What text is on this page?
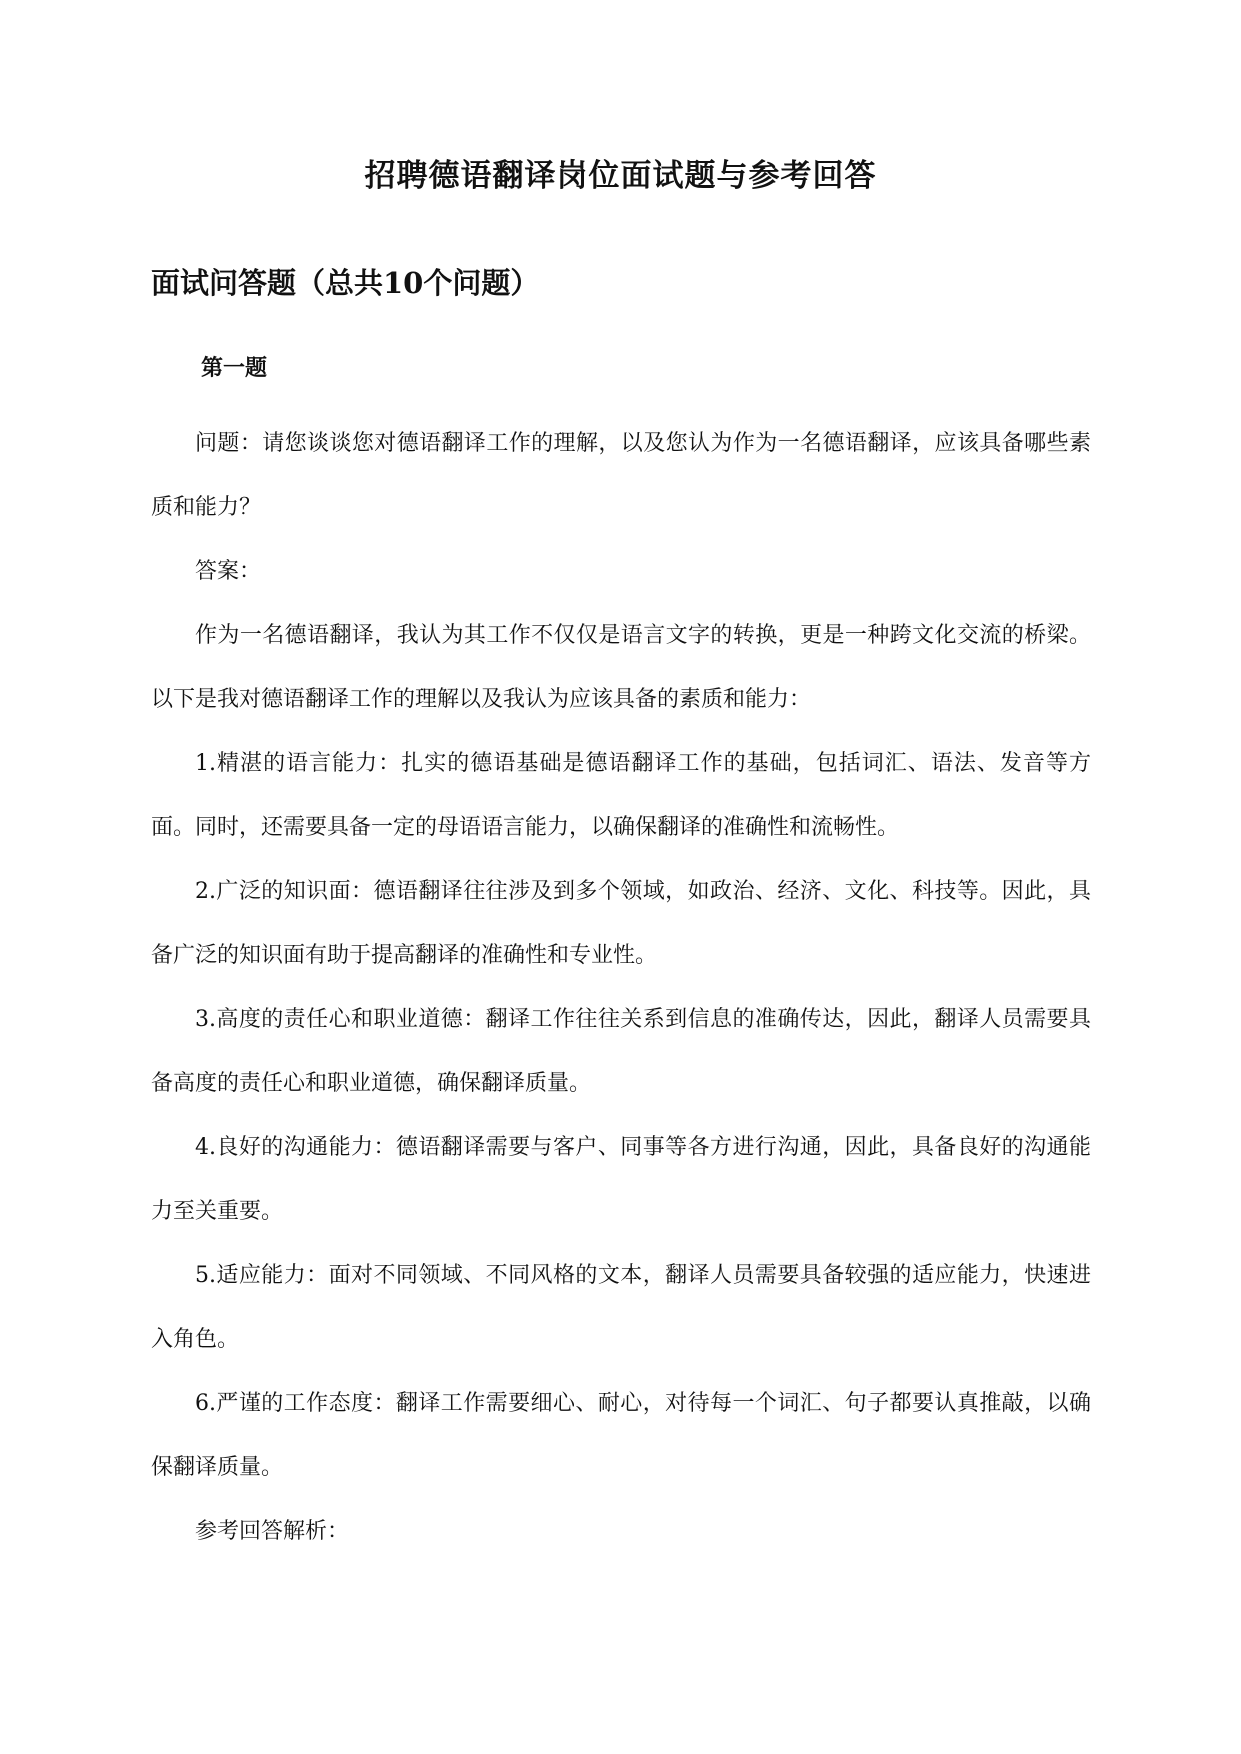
招聘德语翻译岗位面试题与参考回答
面试问答题（总共10个问题）
第一题

问题：请您谈谈您对德语翻译工作的理解，以及您认为作为一名德语翻译，应该具备哪些素质和能力？

答案：

作为一名德语翻译，我认为其工作不仅仅是语言文字的转换，更是一种跨文化交流的桥梁。以下是我对德语翻译工作的理解以及我认为应该具备的素质和能力：

1.精湛的语言能力：扎实的德语基础是德语翻译工作的基础，包括词汇、语法、发音等方面。同时，还需要具备一定的母语语言能力，以确保翻译的准确性和流畅性。

2.广泛的知识面：德语翻译往往涉及到多个领域，如政治、经济、文化、科技等。因此，具备广泛的知识面有助于提高翻译的准确性和专业性。

3.高度的责任心和职业道德：翻译工作往往关系到信息的准确传达，因此，翻译人员需要具备高度的责任心和职业道德，确保翻译质量。

4.良好的沟通能力：德语翻译需要与客户、同事等各方进行沟通，因此，具备良好的沟通能力至关重要。

5.适应能力：面对不同领域、不同风格的文本，翻译人员需要具备较强的适应能力，快速进入角色。

6.严谨的工作态度：翻译工作需要细心、耐心，对待每一个词汇、句子都要认真推敲，以确保翻译质量。

参考回答解析：
